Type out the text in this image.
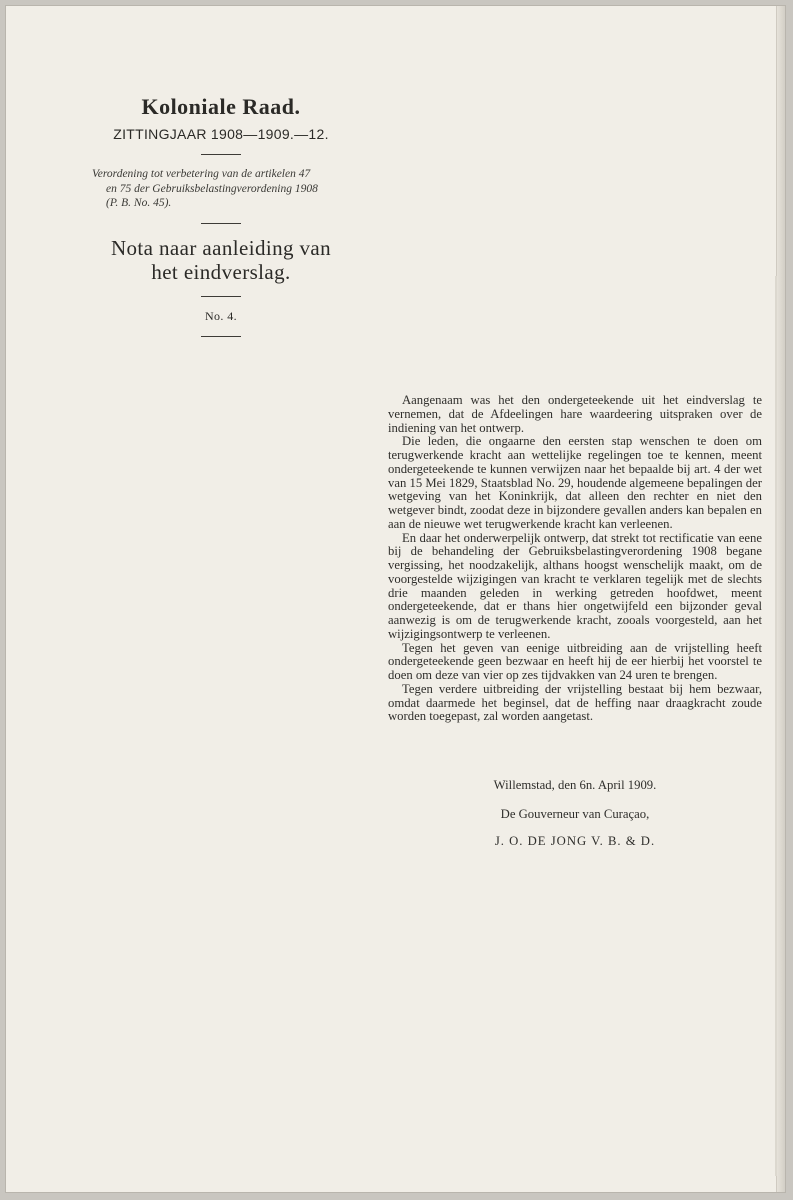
Koloniale Raad.
ZITTINGJAAR 1908—1909.—12.
Verordening tot verbetering van de artikelen 47
en 75 der Gebruiksbelastingverordening 1908
(P. B. No. 45).
Nota naar aanleiding van
het eindverslag.
No. 4.

Aangenaam was het den ondergeteekende uit het eindverslag te vernemen, dat de Afdeelingen hare waardeering uitspraken over de indiening van het ontwerp.

Die leden, die ongaarne den eersten stap wenschen te doen om terugwerkende kracht aan wettelijke regelingen toe te kennen, meent ondergeteekende te kunnen verwijzen naar het bepaalde bij art. 4 der wet van 15 Mei 1829, Staatsblad No. 29, houdende algemeene bepalingen der wetgeving van het Koninkrijk, dat alleen den rechter en niet den wetgever bindt, zoodat deze in bijzondere gevallen anders kan bepalen en aan de nieuwe wet terugwerkende kracht kan verleenen.

En daar het onderwerpelijk ontwerp, dat strekt tot rectificatie van eene bij de behandeling der Gebruiksbelastingverordening 1908 begane vergissing, het noodzakelijk, althans hoogst wenschelijk maakt, om de voorgestelde wijzigingen van kracht te verklaren tegelijk met de slechts drie maanden geleden in werking getreden hoofdwet, meent ondergeteekende, dat er thans hier ongetwijfeld een bijzonder geval aanwezig is om de terugwerkende kracht, zooals voorgesteld, aan het wijzigingsontwerp te verleenen.

Tegen het geven van eenige uitbreiding aan de vrijstelling heeft ondergeteekende geen bezwaar en heeft hij de eer hierbij het voorstel te doen om deze van vier op zes tijdvakken van 24 uren te brengen.

Tegen verdere uitbreiding der vrijstelling bestaat bij hem bezwaar, omdat daarmede het beginsel, dat de heffing naar draagkracht zoude worden toegepast, zal worden aangetast.

Willemstad, den 6n. April 1909.
De Gouverneur van Curaçao,
J. O. DE JONG V. B. & D.
